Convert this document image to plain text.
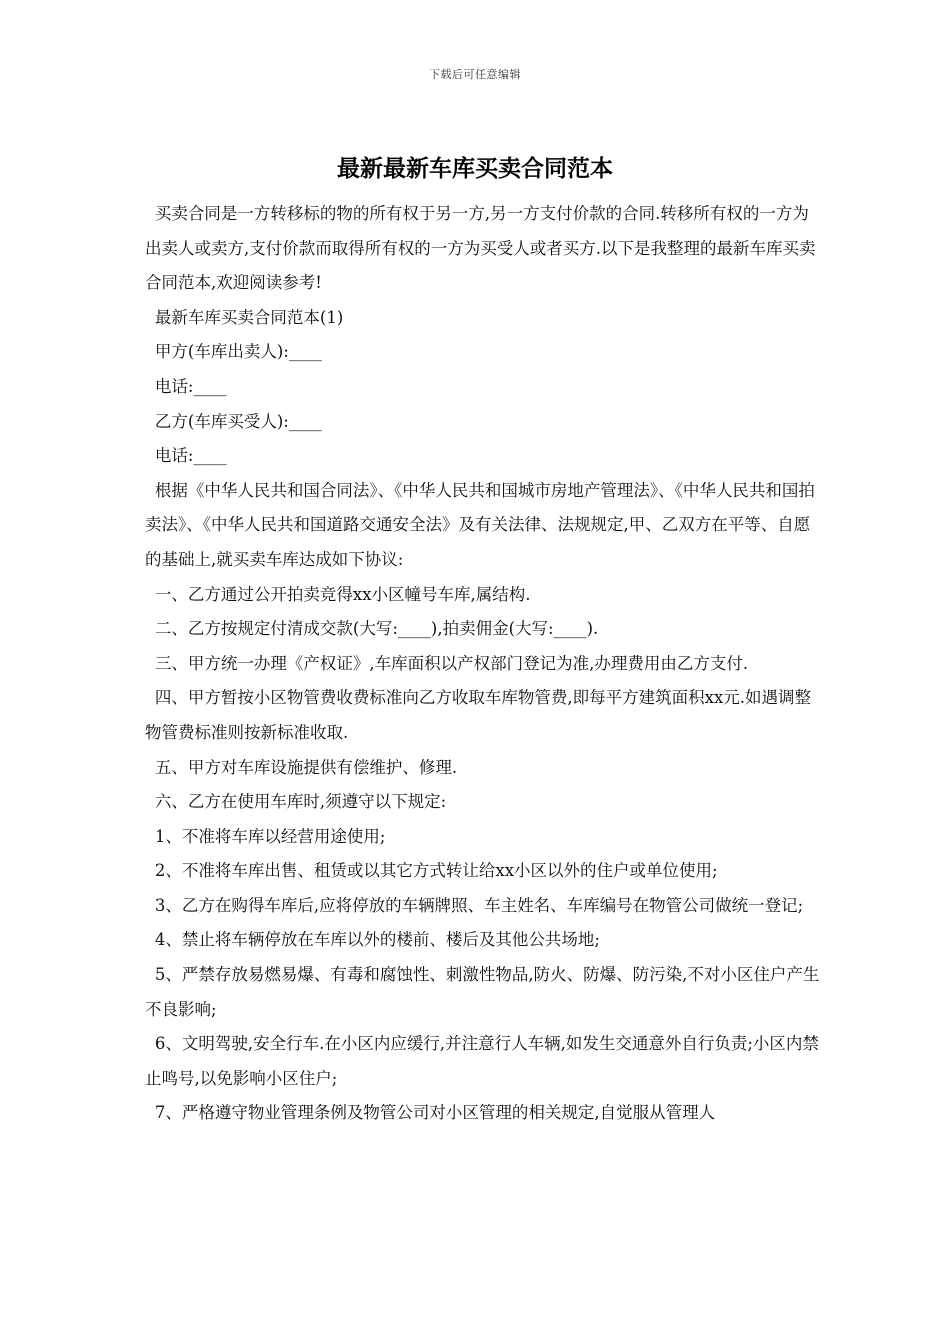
下载后可任意编辑
最新最新车库买卖合同范本

买卖合同是一方转移标的物的所有权于另一方,另一方支付价款的合同.转移所有权的一方为出卖人或卖方,支付价款而取得所有权的一方为买受人或者买方.以下是我整理的最新车库买卖合同范本,欢迎阅读参考!

最新车库买卖合同范本(1)

甲方(车库出卖人):____

电话:____

乙方(车库买受人):____

电话:____

根据《中华人民共和国合同法》、《中华人民共和国城市房地产管理法》、《中华人民共和国拍卖法》、《中华人民共和国道路交通安全法》及有关法律、法规规定,甲、乙双方在平等、自愿的基础上,就买卖车库达成如下协议:

一、乙方通过公开拍卖竞得xx小区幢号车库,属结构.

二、乙方按规定付清成交款(大写:____),拍卖佣金(大写:____).

三、甲方统一办理《产权证》,车库面积以产权部门登记为准,办理费用由乙方支付.

四、甲方暂按小区物管费收费标准向乙方收取车库物管费,即每平方建筑面积xx元.如遇调整物管费标准则按新标准收取.

五、甲方对车库设施提供有偿维护、修理.

六、乙方在使用车库时,须遵守以下规定:

1、不准将车库以经营用途使用;

2、不准将车库出售、租赁或以其它方式转让给xx小区以外的住户或单位使用;

3、乙方在购得车库后,应将停放的车辆牌照、车主姓名、车库编号在物管公司做统一登记;

4、禁止将车辆停放在车库以外的楼前、楼后及其他公共场地;

5、严禁存放易燃易爆、有毒和腐蚀性、刺激性物品,防火、防爆、防污染,不对小区住户产生不良影响;

6、文明驾驶,安全行车.在小区内应缓行,并注意行人车辆,如发生交通意外自行负责;小区内禁止鸣号,以免影响小区住户;

7、严格遵守物业管理条例及物管公司对小区管理的相关规定,自觉服从管理人
